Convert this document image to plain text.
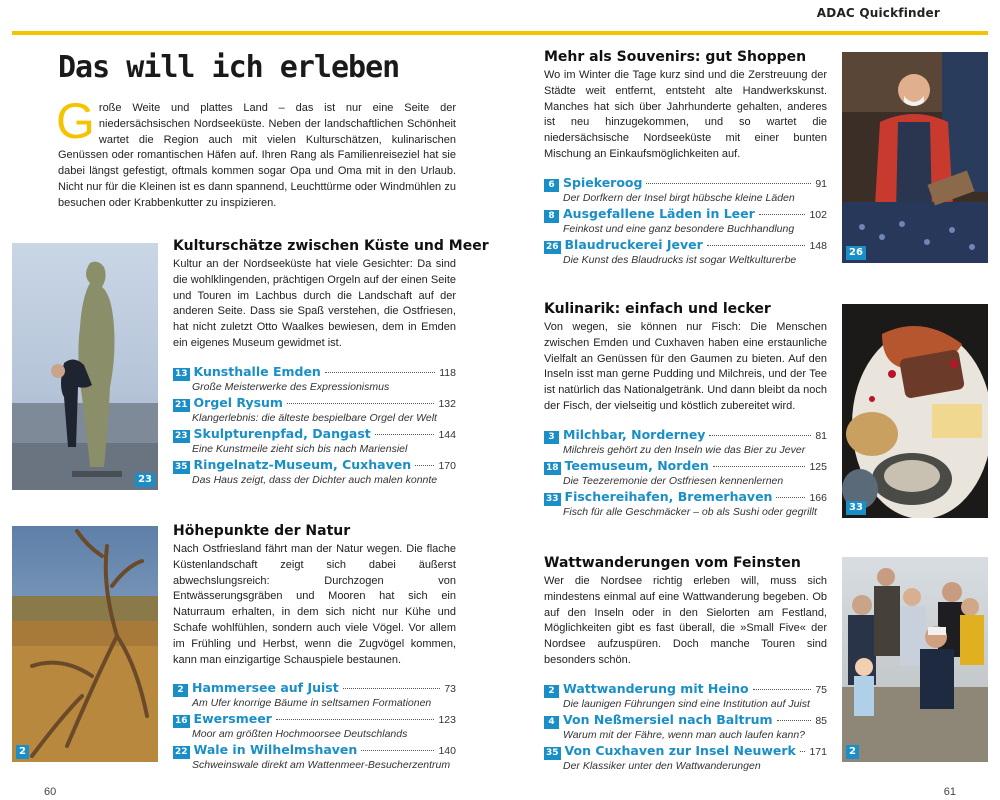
ADAC Quickfinder
Das will ich erleben
Große Weite und plattes Land – das ist nur eine Seite der niedersächsischen Nordseeküste. Neben der landschaftlichen Schönheit wartet die Region auch mit vielen Kulturschätzen, kulinarischen Genüssen oder romantischen Häfen auf. Ihren Rang als Familienreiseziel hat sie dabei längst gefestigt, oftmals kommen sogar Opa und Oma mit in den Urlaub. Nicht nur für die Kleinen ist es dann spannend, Leuchttürme oder Windmühlen zu besuchen oder Krabbenkutter zu inspizieren.
23
Kulturschätze zwischen Küste und Meer
Kultur an der Nordseeküste hat viele Gesichter: Da sind die wohlklingenden, prächtigen Orgeln auf der einen Seite und Touren im Lachbus durch die Landschaft auf der anderen Seite. Dass sie Spaß verstehen, die Ostfriesen, hat nicht zuletzt Otto Waalkes bewiesen, dem in Emden ein eigenes Museum gewidmet ist.
13 Kunsthalle Emden	118
Große Meisterwerke des Expressionismus
21 Orgel Rysum	132
Klangerlebnis: die älteste bespielbare Orgel der Welt
23 Skulpturenpfad, Dangast	144
Eine Kunstmeile zieht sich bis nach Mariensiel
35 Ringelnatz-Museum, Cuxhaven	170
Das Haus zeigt, dass der Dichter auch malen konnte
2
Höhepunkte der Natur
Nach Ostfriesland fährt man der Natur wegen. Die flache Küstenlandschaft zeigt sich dabei äußerst abwechslungsreich: Durchzogen von Entwässerungsgräben und Mooren hat sich ein Naturraum erhalten, in dem sich nicht nur Kühe und Schafe wohlfühlen, sondern auch viele Vögel. Vor allem im Frühling und Herbst, wenn die Zugvögel kommen, kann man einzigartige Schauspiele bestaunen.
2 Hammersee auf Juist	73
Am Ufer knorrige Bäume in seltsamen Formationen
16 Ewersmeer	123
Moor am größten Hochmoorsee Deutschlands
22 Wale in Wilhelmshaven	140
Schweinswale direkt am Wattenmeer-Besucherzentrum
60
Mehr als Souvenirs: gut Shoppen
Wo im Winter die Tage kurz sind und die Zerstreuung der Städte weit entfernt, entsteht alte Handwerkskunst. Manches hat sich über Jahrhunderte gehalten, anderes ist neu hinzugekommen, und so wartet die niedersächsische Nordseeküste mit einer bunten Mischung an Einkaufsmöglichkeiten auf.
6 Spiekeroog	91
Der Dorfkern der Insel birgt hübsche kleine Läden
8 Ausgefallene Läden in Leer	102
Feinkost und eine ganz besondere Buchhandlung
26 Blaudruckerei Jever	148
Die Kunst des Blaudrucks ist sogar Weltkulturerbe
26
Kulinarik: einfach und lecker
Von wegen, sie können nur Fisch: Die Menschen zwischen Emden und Cuxhaven haben eine erstaunliche Vielfalt an Genüssen für den Gaumen zu bieten. Auf den Inseln isst man gerne Pudding und Milchreis, und der Tee ist natürlich das Nationalgetränk. Und dann bleibt da noch der Fisch, der vielseitig und köstlich zubereitet wird.
3 Milchbar, Norderney	81
Milchreis gehört zu den Inseln wie das Bier zu Jever
18 Teemuseum, Norden	125
Die Teezeremonie der Ostfriesen kennenlernen
33 Fischereihafen, Bremerhaven	166
Fisch für alle Geschmäcker – ob als Sushi oder gegrillt	33
Wattwanderungen vom Feinsten
Wer die Nordsee richtig erleben will, muss sich mindestens einmal auf eine Wattwanderung begeben. Ob auf den Inseln oder in den Sielorten am Festland, Möglichkeiten gibt es fast überall, die »Small Five« der Nordsee aufzuspüren. Doch manche Touren sind besonders schön.
2 Wattwanderung mit Heino	75
Die launigen Führungen sind eine Institution auf Juist
4 Von Neßmersiel nach Baltrum	85
Warum mit der Fähre, wenn man auch laufen kann?
35 Von Cuxhaven zur Insel Neuwerk 171
Der Klassiker unter den Wattwanderungen
2
61
